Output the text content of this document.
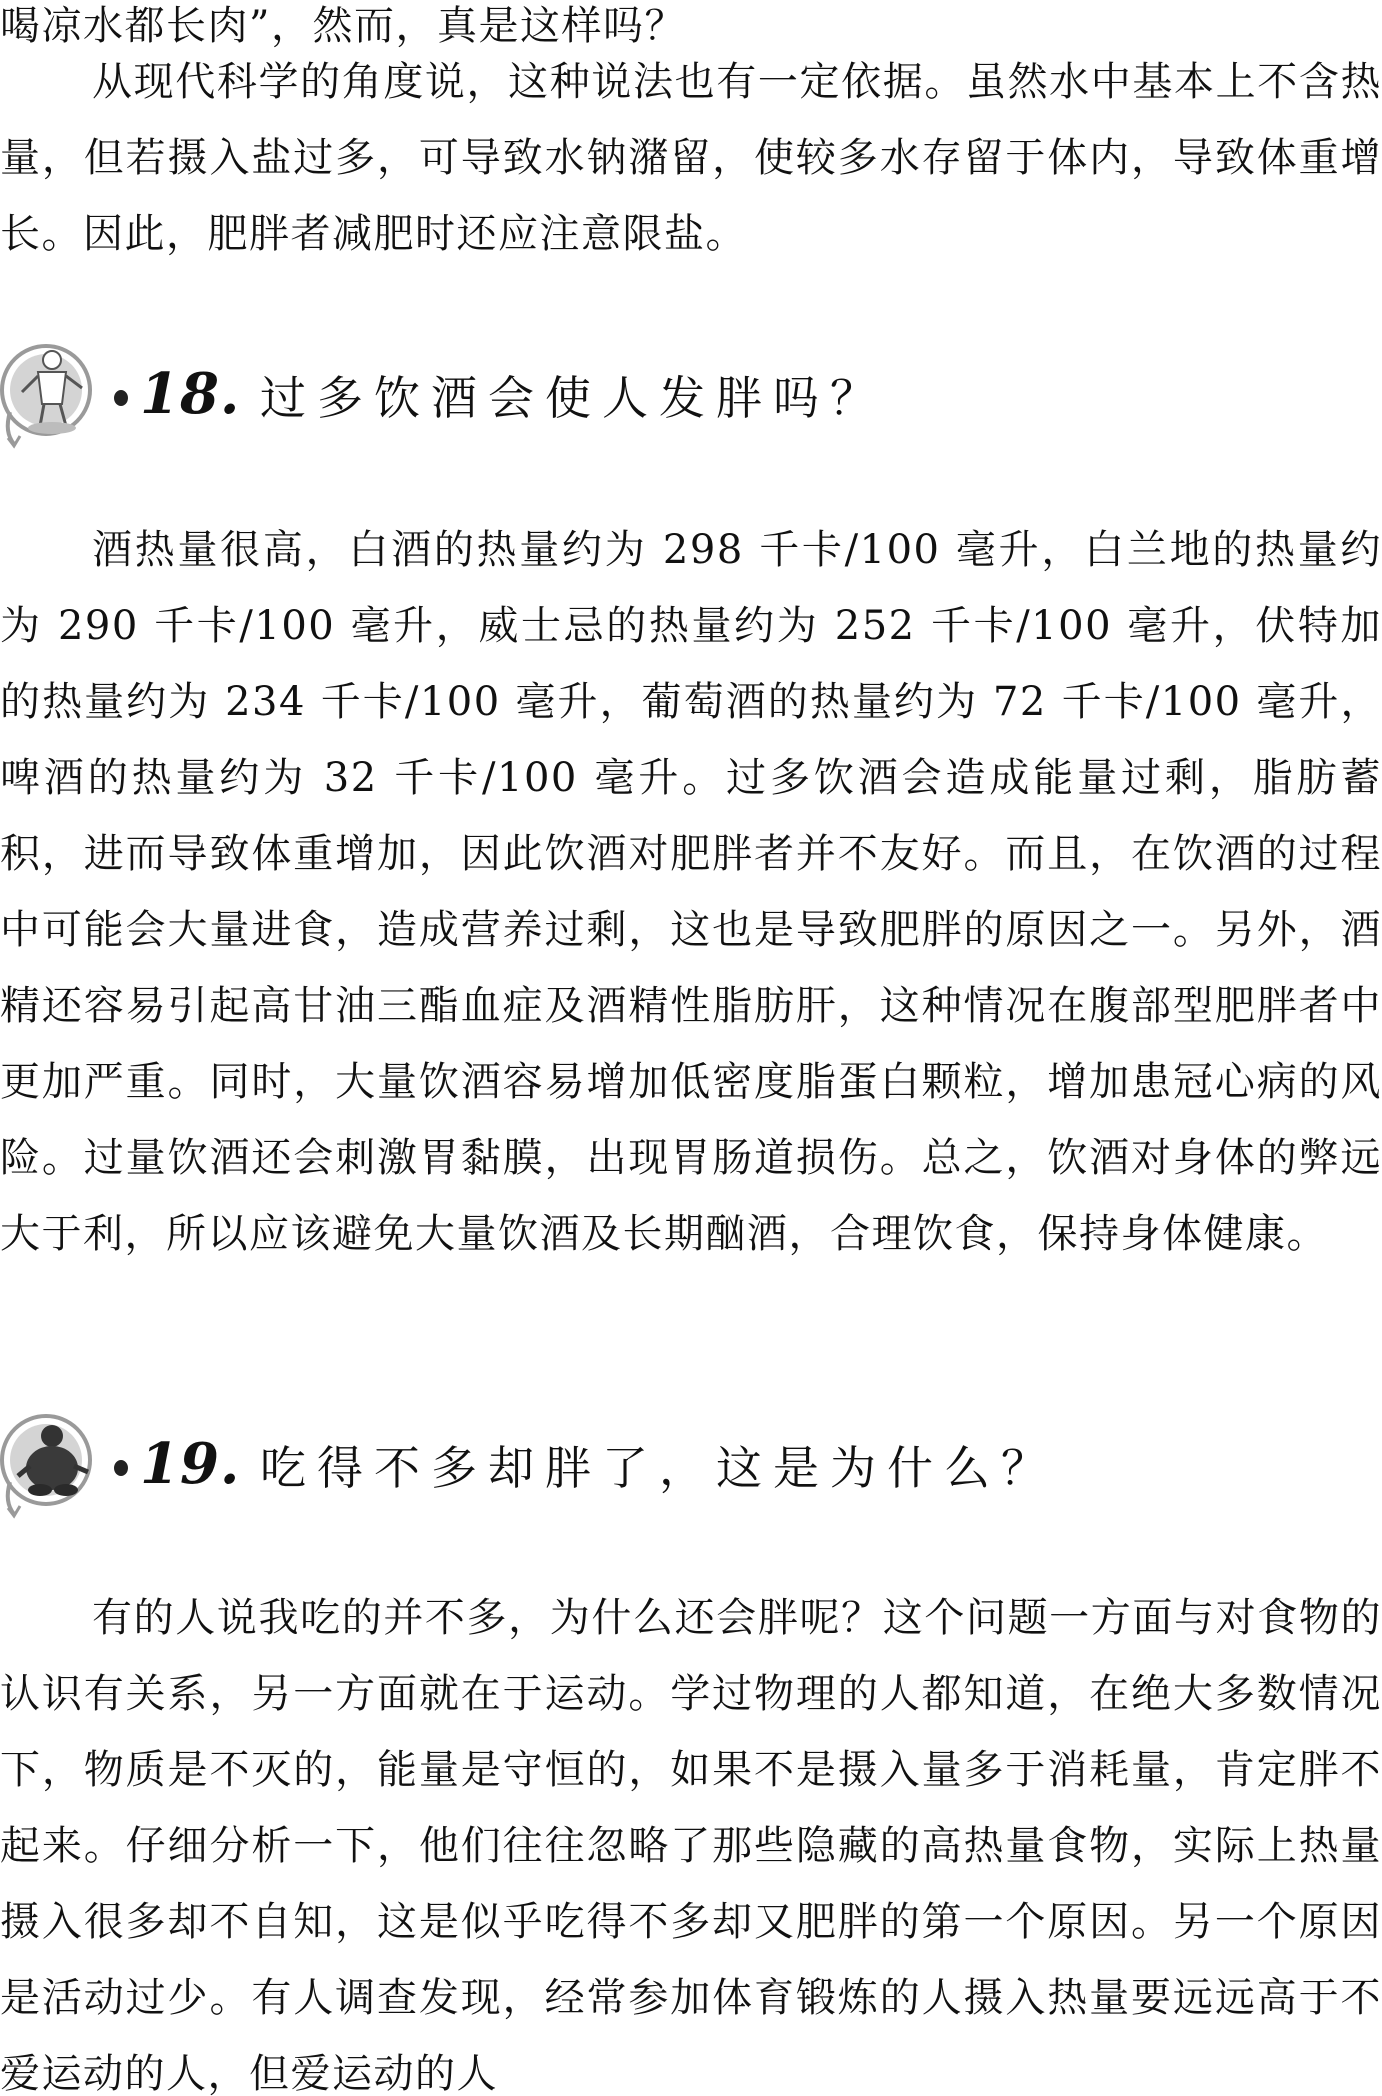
喝凉水都长肉”，然而，真是这样吗？

从现代科学的角度说，这种说法也有一定依据。虽然水中基本上不含热量，但若摄入盐过多，可导致水钠潴留，使较多水存留于体内，导致体重增长。因此，肥胖者减肥时还应注意限盐。

18. 过多饮酒会使人发胖吗？

酒热量很高，白酒的热量约为 298 千卡/100 毫升，白兰地的热量约为 290 千卡/100 毫升，威士忌的热量约为 252 千卡/100 毫升，伏特加的热量约为 234 千卡/100 毫升，葡萄酒的热量约为 72 千卡/100 毫升，啤酒的热量约为 32 千卡/100 毫升。过多饮酒会造成能量过剩，脂肪蓄积，进而导致体重增加，因此饮酒对肥胖者并不友好。而且，在饮酒的过程中可能会大量进食，造成营养过剩，这也是导致肥胖的原因之一。另外，酒精还容易引起高甘油三酯血症及酒精性脂肪肝，这种情况在腹部型肥胖者中更加严重。同时，大量饮酒容易增加低密度脂蛋白颗粒，增加患冠心病的风险。过量饮酒还会刺激胃黏膜，出现胃肠道损伤。总之，饮酒对身体的弊远大于利，所以应该避免大量饮酒及长期酗酒，合理饮食，保持身体健康。

19. 吃得不多却胖了，这是为什么？

有的人说我吃的并不多，为什么还会胖呢？这个问题一方面与对食物的认识有关系，另一方面就在于运动。学过物理的人都知道，在绝大多数情况下，物质是不灭的，能量是守恒的，如果不是摄入量多于消耗量，肯定胖不起来。仔细分析一下，他们往往忽略了那些隐藏的高热量食物，实际上热量摄入很多却不自知，这是似乎吃得不多却又肥胖的第一个原因。另一个原因是活动过少。有人调查发现，经常参加体育锻炼的人摄入热量要远远高于不爱运动的人，但爱运动的人
